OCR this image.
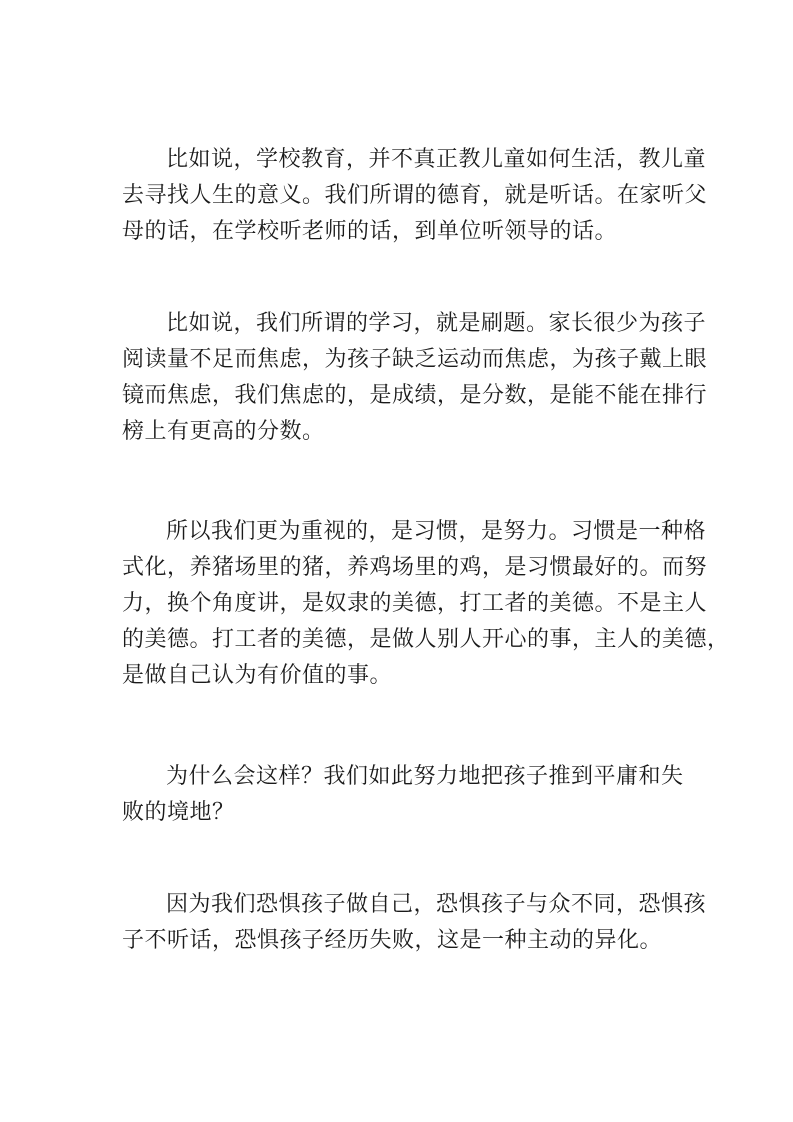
比如说，学校教育，并不真正教儿童如何生活，教儿童
去寻找人生的意义。我们所谓的德育，就是听话。在家听父
母的话，在学校听老师的话，到单位听领导的话。
比如说，我们所谓的学习，就是刷题。家长很少为孩子
阅读量不足而焦虑，为孩子缺乏运动而焦虑，为孩子戴上眼
镜而焦虑，我们焦虑的，是成绩，是分数，是能不能在排行
榜上有更高的分数。
所以我们更为重视的，是习惯，是努力。习惯是一种格
式化，养猪场里的猪，养鸡场里的鸡，是习惯最好的。而努
力，换个角度讲，是奴隶的美德，打工者的美德。不是主人
的美德。打工者的美德，是做人别人开心的事，主人的美德，
是做自己认为有价值的事。
为什么会这样？我们如此努力地把孩子推到平庸和失
败的境地？
因为我们恐惧孩子做自己，恐惧孩子与众不同，恐惧孩
子不听话，恐惧孩子经历失败，这是一种主动的异化。
